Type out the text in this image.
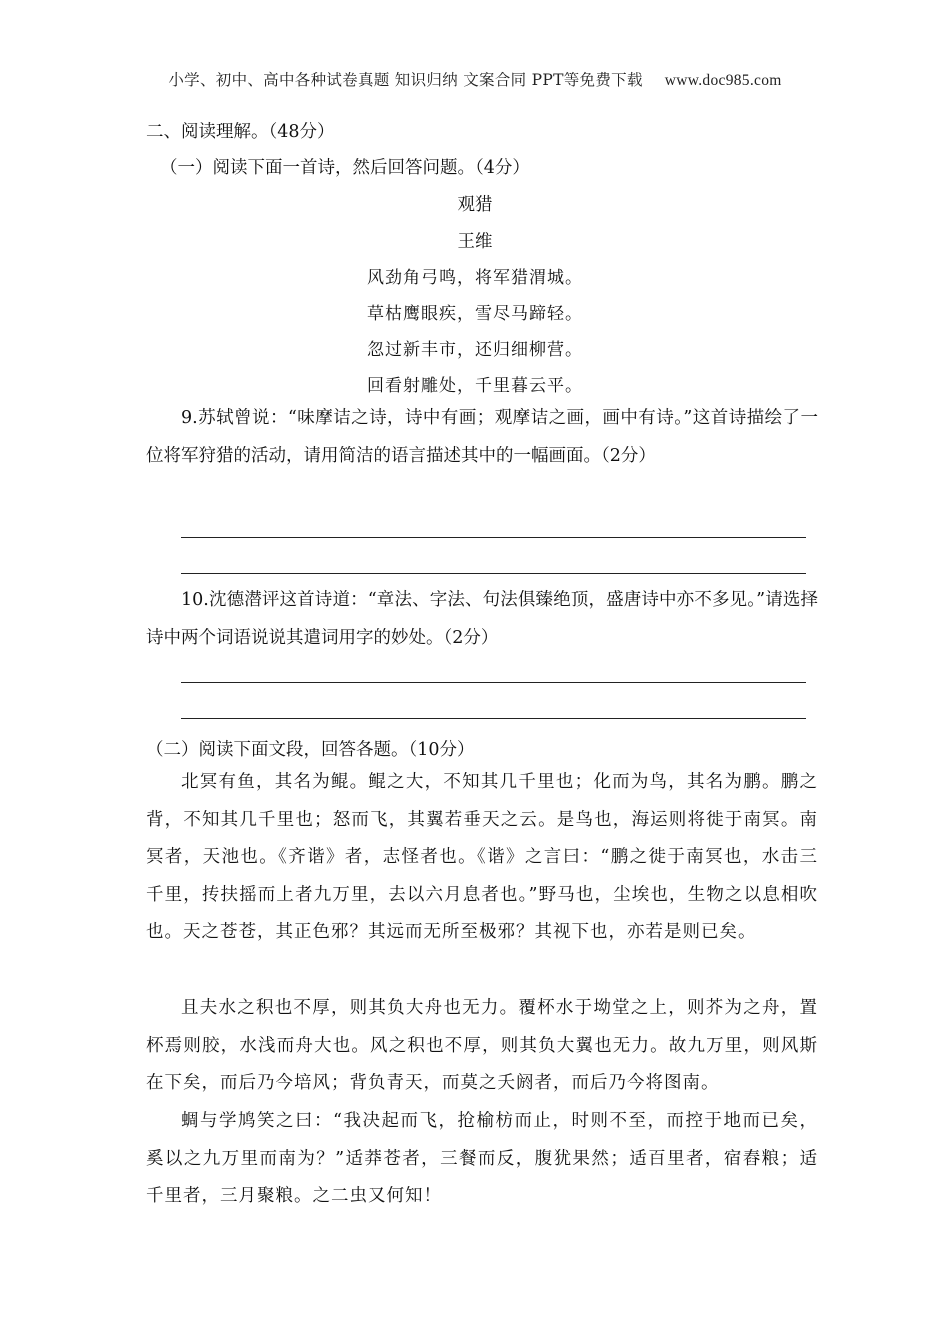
小学、初中、高中各种试卷真题 知识归纳 文案合同 PPT等免费下载 www.doc985.com
二、阅读理解。（48分）
（一）阅读下面一首诗，然后回答问题。（4分）
观猎
王维
风劲角弓鸣，将军猎渭城。
草枯鹰眼疾，雪尽马蹄轻。
忽过新丰市，还归细柳营。
回看射雕处，千里暮云平。
9.苏轼曾说：“味摩诘之诗，诗中有画；观摩诘之画，画中有诗。”这首诗描绘了一位将军狩猎的活动，请用简洁的语言描述其中的一幅画面。（2分）
10.沈德潜评这首诗道：“章法、字法、句法俱臻绝顶，盛唐诗中亦不多见。”请选择诗中两个词语说说其遣词用字的妙处。（2分）
（二）阅读下面文段，回答各题。（10分）
北冥有鱼，其名为鲲。鲲之大，不知其几千里也；化而为鸟，其名为鹏。鹏之背，不知其几千里也；怒而飞，其翼若垂天之云。是鸟也，海运则将徙于南冥。南冥者，天池也。《齐谐》者，志怪者也。《谐》之言曰：“鹏之徙于南冥也，水击三千里，抟扶摇而上者九万里，去以六月息者也。”野马也，尘埃也，生物之以息相吹也。天之苍苍，其正色邪？其远而无所至极邪？其视下也，亦若是则已矣。
且夫水之积也不厚，则其负大舟也无力。覆杯水于坳堂之上，则芥为之舟，置杯焉则胶，水浅而舟大也。风之积也不厚，则其负大翼也无力。故九万里，则风斯在下矣，而后乃今培风；背负青天，而莫之夭阏者，而后乃今将图南。
蜩与学鸠笑之曰：“我决起而飞，抢榆枋而止，时则不至，而控于地而已矣，奚以之九万里而南为？”适莽苍者，三餐而反，腹犹果然；适百里者，宿舂粮；适千里者，三月聚粮。之二虫又何知！
